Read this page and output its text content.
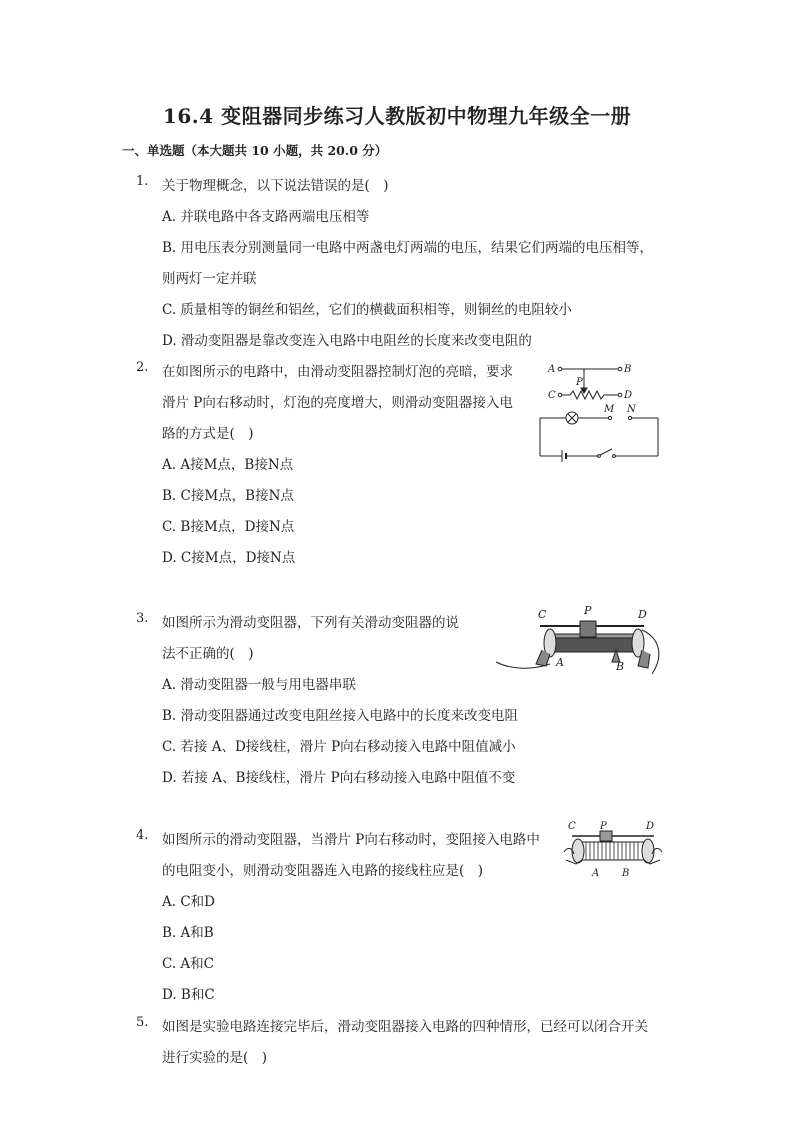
16.4 变阻器同步练习人教版初中物理九年级全一册
一、单选题（本大题共 10 小题，共 20.0 分）
1. 关于物理概念，以下说法错误的是(　)
A. 并联电路中各支路两端电压相等
B. 用电压表分别测量同一电路中两盏电灯两端的电压，结果它们两端的电压相等，
则两灯一定并联
C. 质量相等的铜丝和铝丝，它们的横截面积相等，则铜丝的电阻较小
D. 滑动变阻器是靠改变连入电路中电阻丝的长度来改变电阻的
2. 在如图所示的电路中，由滑动变阻器控制灯泡的亮暗，要求
滑片 P向右移动时，灯泡的亮度增大，则滑动变阻器接入电
路的方式是(　)
A. A接M点，B接N点
B. C接M点，B接N点
C. B接M点，D接N点
D. C接M点，D接N点
A	B
P
C	D
M N
3. 如图所示为滑动变阻器，下列有关滑动变阻器的说
法不正确的(　)
A. 滑动变阻器一般与用电器串联
B. 滑动变阻器通过改变电阻丝接入电路中的长度来改变电阻
C. 若接 A、D接线柱，滑片 P向右移动接入电路中阻值减小
D. 若接 A、B接线柱，滑片 P向右移动接入电路中阻值不变
C	P	D
A	B
4. 如图所示的滑动变阻器，当滑片 P向右移动时，变阻接入电路中
的电阻变小，则滑动变阻器连入电路的接线柱应是(　)
A. C和D
B. A和B
C. A和C
D. B和C
C P	D
A B
5. 如图是实验电路连接完毕后，滑动变阻器接入电路的四种情形，已经可以闭合开关
进行实验的是(　)
